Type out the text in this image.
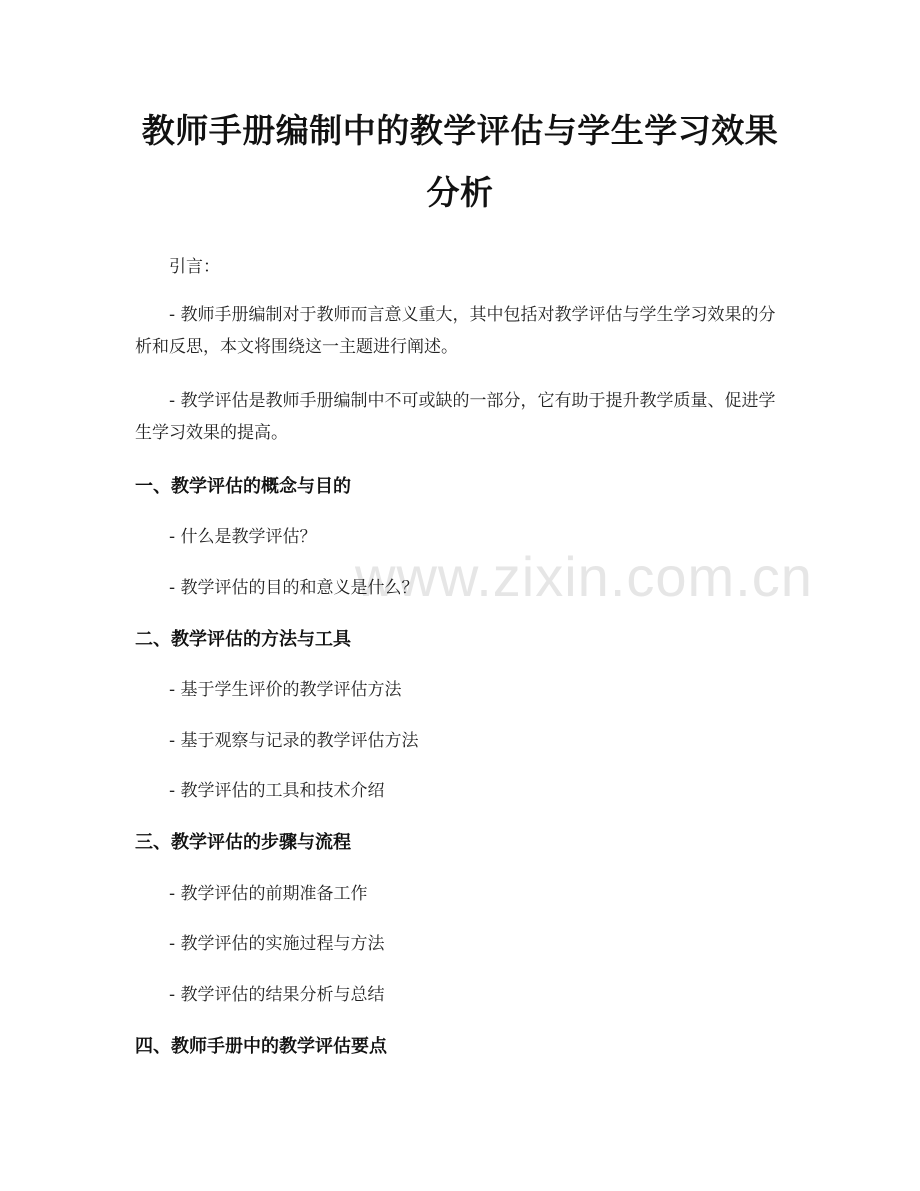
www.zixin.com.cn
教师手册编制中的教学评估与学生学习效果
分析
引言：
- 教师手册编制对于教师而言意义重大，其中包括对教学评估与学生学习效果的分析和反思，本文将围绕这一主题进行阐述。
- 教学评估是教师手册编制中不可或缺的一部分，它有助于提升教学质量、促进学生学习效果的提高。
一、教学评估的概念与目的
- 什么是教学评估？
- 教学评估的目的和意义是什么？
二、教学评估的方法与工具
- 基于学生评价的教学评估方法
- 基于观察与记录的教学评估方法
- 教学评估的工具和技术介绍
三、教学评估的步骤与流程
- 教学评估的前期准备工作
- 教学评估的实施过程与方法
- 教学评估的结果分析与总结
四、教师手册中的教学评估要点
